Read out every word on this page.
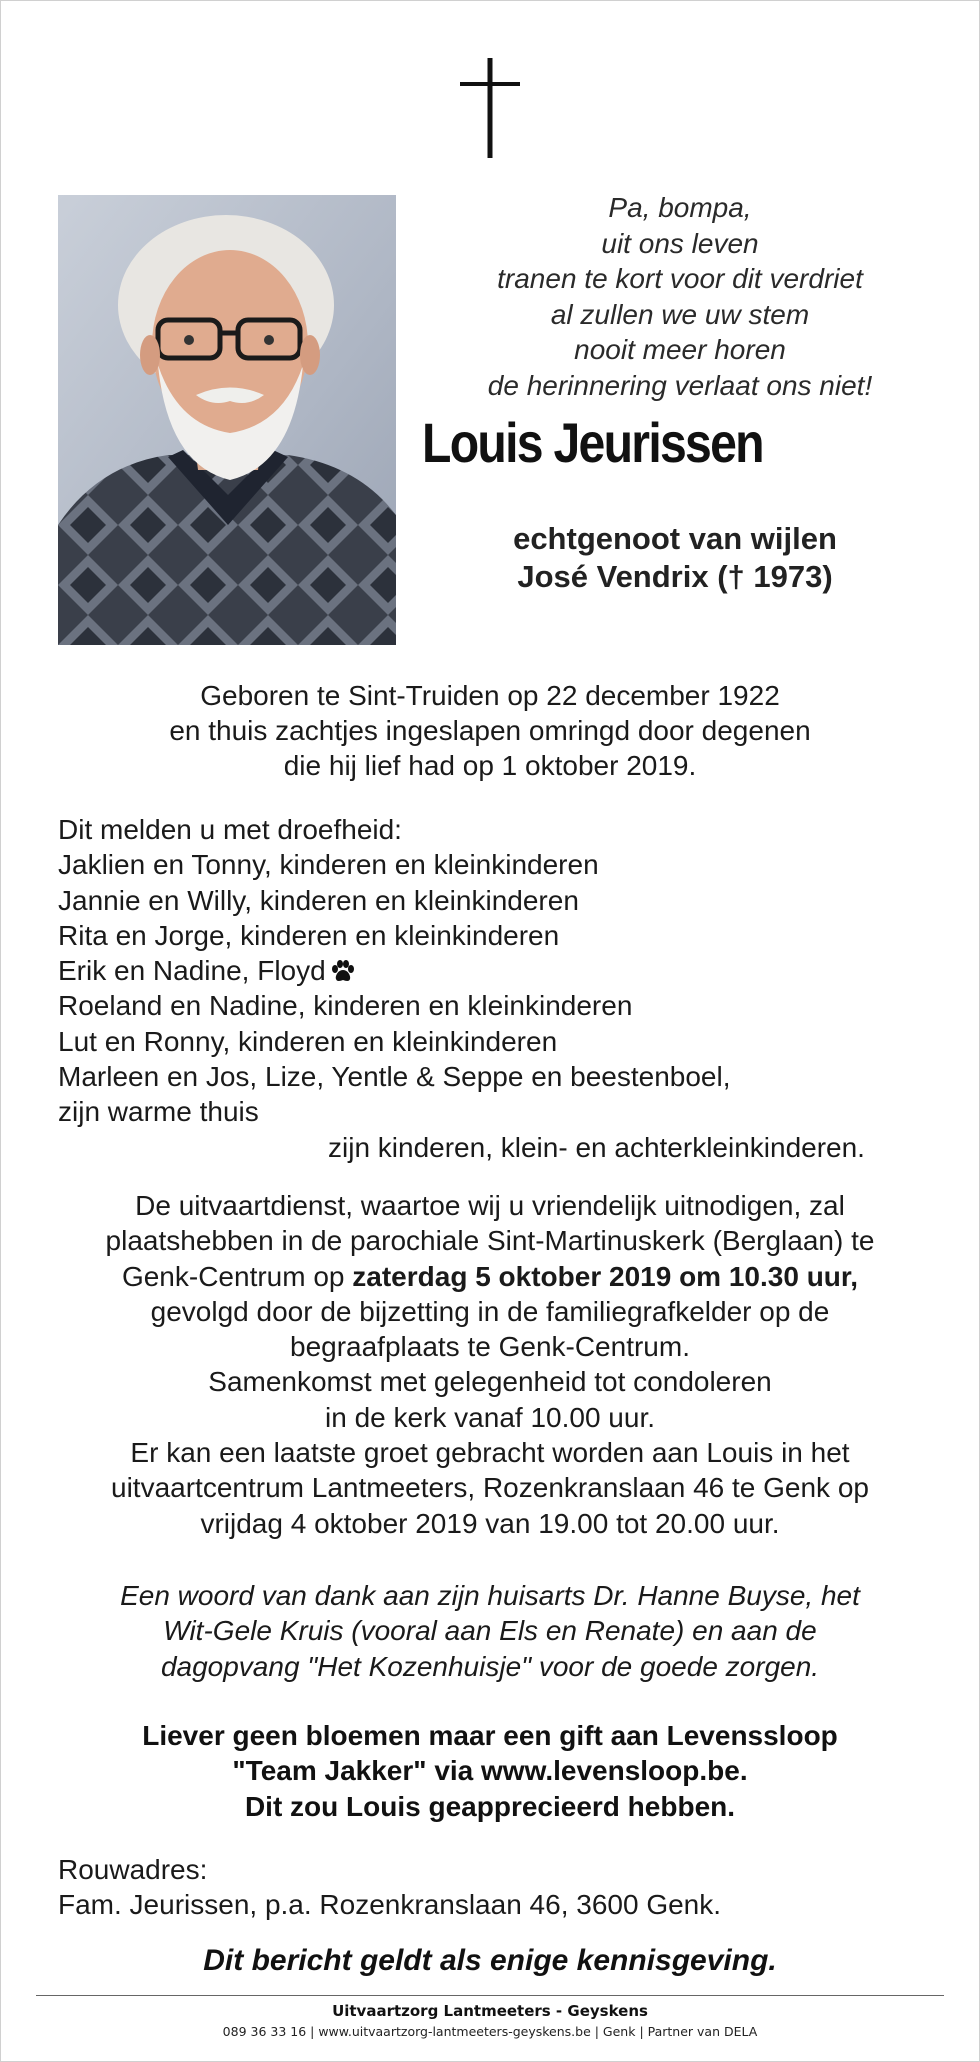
Pa, bompa,
uit ons leven
tranen te kort voor dit verdriet
al zullen we uw stem
nooit meer horen
de herinnering verlaat ons niet!
Louis Jeurissen
echtgenoot van wijlen
José Vendrix († 1973)
Geboren te Sint-Truiden op 22 december 1922
en thuis zachtjes ingeslapen omringd door degenen
die hij lief had op 1 oktober 2019.
Dit melden u met droefheid:
Jaklien en Tonny, kinderen en kleinkinderen
Jannie en Willy, kinderen en kleinkinderen
Rita en Jorge, kinderen en kleinkinderen
Erik en Nadine, Floyd
Roeland en Nadine, kinderen en kleinkinderen
Lut en Ronny, kinderen en kleinkinderen
Marleen en Jos, Lize, Yentle & Seppe en beestenboel,
zijn warme thuis
zijn kinderen, klein- en achterkleinkinderen.
De uitvaartdienst, waartoe wij u vriendelijk uitnodigen, zal
plaatshebben in de parochiale Sint-Martinuskerk (Berglaan) te
Genk-Centrum op zaterdag 5 oktober 2019 om 10.30 uur,
gevolgd door de bijzetting in de familiegrafkelder op de
begraafplaats te Genk-Centrum.
Samenkomst met gelegenheid tot condoleren
in de kerk vanaf 10.00 uur.
Er kan een laatste groet gebracht worden aan Louis in het
uitvaartcentrum Lantmeeters, Rozenkranslaan 46 te Genk op
vrijdag 4 oktober 2019 van 19.00 tot 20.00 uur.
Een woord van dank aan zijn huisarts Dr. Hanne Buyse, het
Wit-Gele Kruis (vooral aan Els en Renate) en aan de
dagopvang "Het Kozenhuisje" voor de goede zorgen.
Liever geen bloemen maar een gift aan Levenssloop
"Team Jakker" via www.levensloop.be.
Dit zou Louis geapprecieerd hebben.
Rouwadres:
Fam. Jeurissen, p.a. Rozenkranslaan 46, 3600 Genk.
Dit bericht geldt als enige kennisgeving.
Uitvaartzorg Lantmeeters - Geyskens
089 36 33 16 | www.uitvaartzorg-lantmeeters-geyskens.be | Genk | Partner van DELA
